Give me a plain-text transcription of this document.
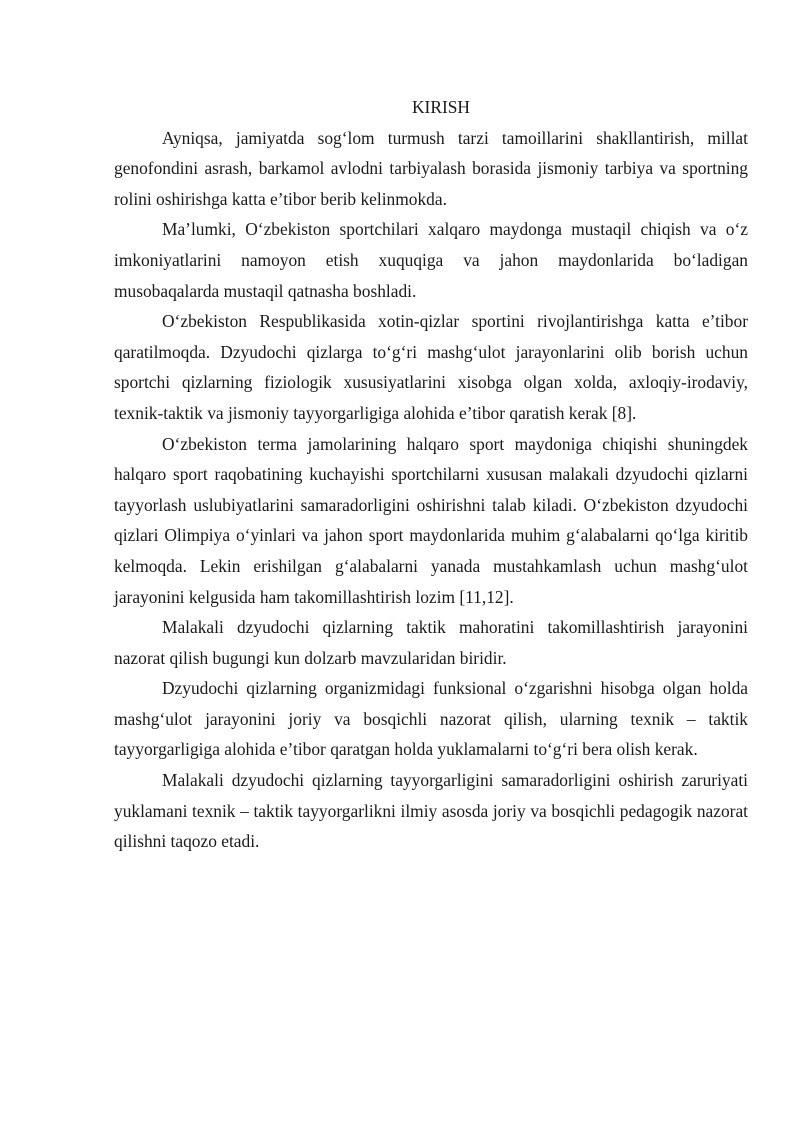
KIRISH

Ayniqsa, jamiyatda sog‘lom turmush tarzi tamoillarini shakllantirish, millat genofondini asrash, barkamol avlodni tarbiyalash borasida jismoniy tarbiya va sportning rolini oshirishga katta e’tibor berib kelinmokda.

Ma’lumki, O‘zbekiston sportchilari xalqaro maydonga mustaqil chiqish va o‘z imkoniyatlarini namoyon etish xuquqiga va jahon maydonlarida bo‘ladigan musobaqalarda mustaqil qatnasha boshladi.

O‘zbekiston Respublikasida xotin-qizlar sportini rivojlantirishga katta e’tibor qaratilmoqda. Dzyudochi qizlarga to‘g‘ri mashg‘ulot jarayonlarini olib borish uchun sportchi qizlarning fiziologik xususiyatlarini xisobga olgan xolda, axloqiy-irodaviy, texnik-taktik va jismoniy tayyorgarligiga alohida e’tibor qaratish kerak [8].

O‘zbekiston terma jamolarining halqaro sport maydoniga chiqishi shuningdek halqaro sport raqobatining kuchayishi sportchilarni xususan malakali dzyudochi qizlarni tayyorlash uslubiyatlarini samaradorligini oshirishni talab kiladi. O‘zbekiston dzyudochi qizlari Olimpiya o‘yinlari va jahon sport maydonlarida muhim g‘alabalarni qo‘lga kiritib kelmoqda. Lekin erishilgan g‘alabalarni yanada mustahkamlash uchun mashg‘ulot jarayonini kelgusida ham takomillashtirish lozim [11,12].

Malakali dzyudochi qizlarning taktik mahoratini takomillashtirish jarayonini nazorat qilish bugungi kun dolzarb mavzularidan biridir.

Dzyudochi qizlarning organizmidagi funksional o‘zgarishni hisobga olgan holda mashg‘ulot jarayonini joriy va bosqichli nazorat qilish, ularning texnik – taktik tayyorgarligiga alohida e’tibor qaratgan holda yuklamalarni to‘g‘ri bera olish kerak.

Malakali dzyudochi qizlarning tayyorgarligini samaradorligini oshirish zaruriyati yuklamani texnik – taktik tayyorgarlikni ilmiy asosda joriy va bosqichli pedagogik nazorat qilishni taqozo etadi.
